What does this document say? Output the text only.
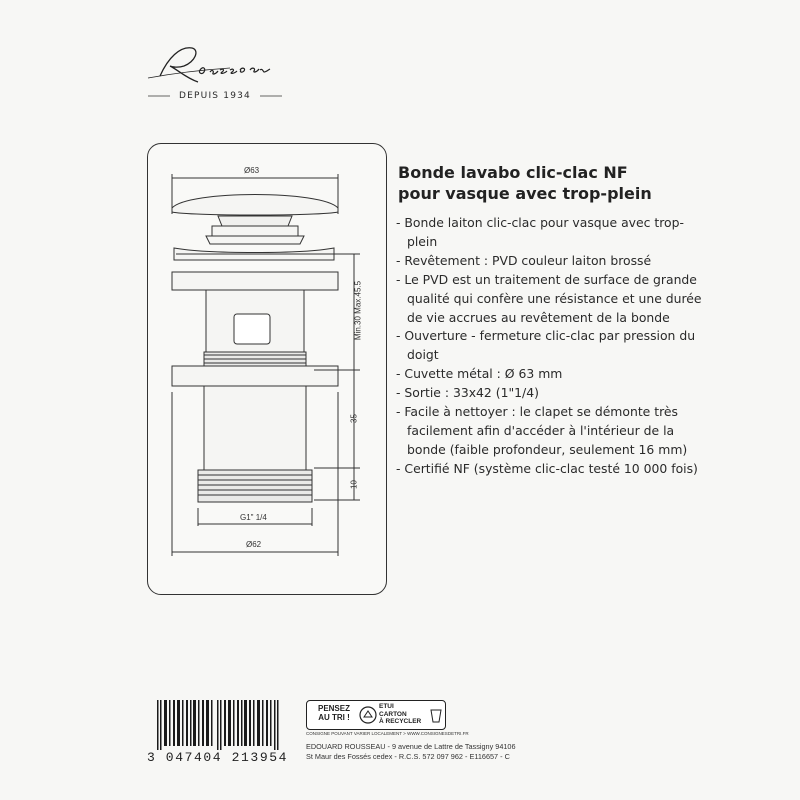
DEPUIS 1934
Ø63
Min.30 Max.45.5
35
10
G1" 1/4
Ø62
Bonde lavabo clic-clac NF
pour vasque avec trop-plein
- Bonde laiton clic-clac pour vasque avec trop-plein
- Revêtement : PVD couleur laiton brossé
- Le PVD est un traitement de surface de grande qualité qui confère une résistance et une durée de vie accrues au revêtement de la bonde
- Ouverture - fermeture clic-clac par pression du doigt
- Cuvette métal : Ø 63 mm
- Sortie : 33x42 (1"1/4)
- Facile à nettoyer : le clapet se démonte très facilement afin d'accéder à l'intérieur de la bonde (faible profondeur, seulement 16 mm)
- Certifié NF (système clic-clac testé 10 000 fois)
3 047404 213954
PENSEZ
AU TRI !
ETUI
CARTON
À RECYCLER
CONSIGNE POUVANT VARIER LOCALEMENT > WWW.CONSIGNESDETRI.FR
EDOUARD ROUSSEAU - 9 avenue de Lattre de Tassigny 94106
St Maur des Fossés cedex - R.C.S. 572 097 962 - E116657 - C
